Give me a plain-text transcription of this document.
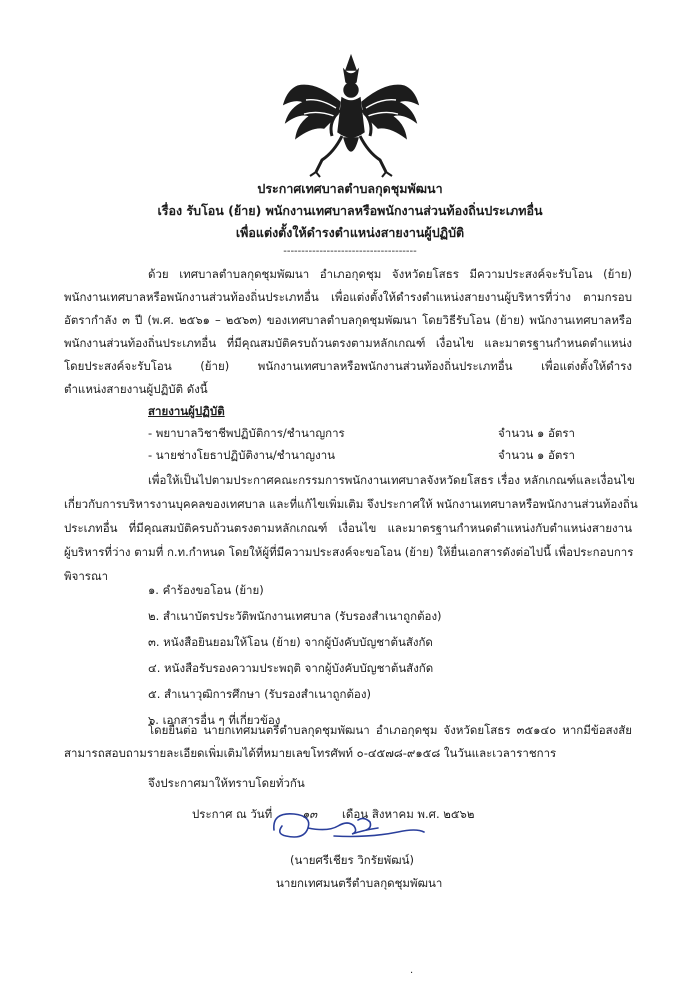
ประกาศเทศบาลตำบลกุดชุมพัฒนา
เรื่อง รับโอน (ย้าย) พนักงานเทศบาลหรือพนักงานส่วนท้องถิ่นประเภทอื่น
เพื่อแต่งตั้งให้ดำรงตำแหน่งสายงานผู้ปฏิบัติ
-------------------------------------
ด้วย เทศบาลตำบลกุดชุมพัฒนา อำเภอกุดชุม จังหวัดยโสธร มีความประสงค์จะรับโอน (ย้าย)
พนักงานเทศบาลหรือพนักงานส่วนท้องถิ่นประเภทอื่น เพื่อแต่งตั้งให้ดำรงตำแหน่งสายงานผู้บริหารที่ว่าง ตามกรอบ
อัตรากำลัง ๓ ปี (พ.ศ. ๒๕๖๑ – ๒๕๖๓) ของเทศบาลตำบลกุดชุมพัฒนา โดยวิธีรับโอน (ย้าย) พนักงานเทศบาลหรือ
พนักงานส่วนท้องถิ่นประเภทอื่น ที่มีคุณสมบัติครบถ้วนตรงตามหลักเกณฑ์ เงื่อนไข และมาตรฐานกำหนดตำแหน่ง
โดยประสงค์จะรับโอน (ย้าย) พนักงานเทศบาลหรือพนักงานส่วนท้องถิ่นประเภทอื่น เพื่อแต่งตั้งให้ดำรง
ตำแหน่งสายงานผู้ปฏิบัติ ดังนี้
สายงานผู้ปฏิบัติ
- พยาบาลวิชาชีพปฏิบัติการ/ชำนาญการ	จำนวน ๑ อัตรา
- นายช่างโยธาปฏิบัติงาน/ชำนาญงาน	จำนวน ๑ อัตรา
เพื่อให้เป็นไปตามประกาศคณะกรรมการพนักงานเทศบาลจังหวัดยโสธร เรื่อง หลักเกณฑ์และเงื่อนไข
เกี่ยวกับการบริหารงานบุคคลของเทศบาล และที่แก้ไขเพิ่มเติม จึงประกาศให้ พนักงานเทศบาลหรือพนักงานส่วนท้องถิ่น
ประเภทอื่น ที่มีคุณสมบัติครบถ้วนตรงตามหลักเกณฑ์ เงื่อนไข และมาตรฐานกำหนดตำแหน่งกับตำแหน่งสายงาน
ผู้บริหารที่ว่าง ตามที่ ก.ท.กำหนด โดยให้ผู้ที่มีความประสงค์จะขอโอน (ย้าย) ให้ยื่นเอกสารดังต่อไปนี้ เพื่อประกอบการ
พิจารณา
๑. คำร้องขอโอน (ย้าย)
๒. สำเนาบัตรประวัติพนักงานเทศบาล (รับรองสำเนาถูกต้อง)
๓. หนังสือยินยอมให้โอน (ย้าย) จากผู้บังคับบัญชาต้นสังกัด
๔. หนังสือรับรองความประพฤติ จากผู้บังคับบัญชาต้นสังกัด
๕. สำเนาวุฒิการศึกษา (รับรองสำเนาถูกต้อง)
๖. เอกสารอื่น ๆ ที่เกี่ยวข้อง
โดยยื่นต่อ นายกเทศมนตรีตำบลกุดชุมพัฒนา อำเภอกุดชุม จังหวัดยโสธร ๓๕๑๔๐ หากมีข้อสงสัย
สามารถสอบถามรายละเอียดเพิ่มเติมได้ที่หมายเลขโทรศัพท์ ๐-๔๕๗๘-๙๑๕๘ ในวันและเวลาราชการ
จึงประกาศมาให้ทราบโดยทั่วกัน
ประกาศ ณ วันที่	๑๓ เดือน สิงหาคม พ.ศ. ๒๕๖๒
(นายศรีเชียร วิกรัยพัฒน์)
นายกเทศมนตรีตำบลกุดชุมพัฒนา
·
